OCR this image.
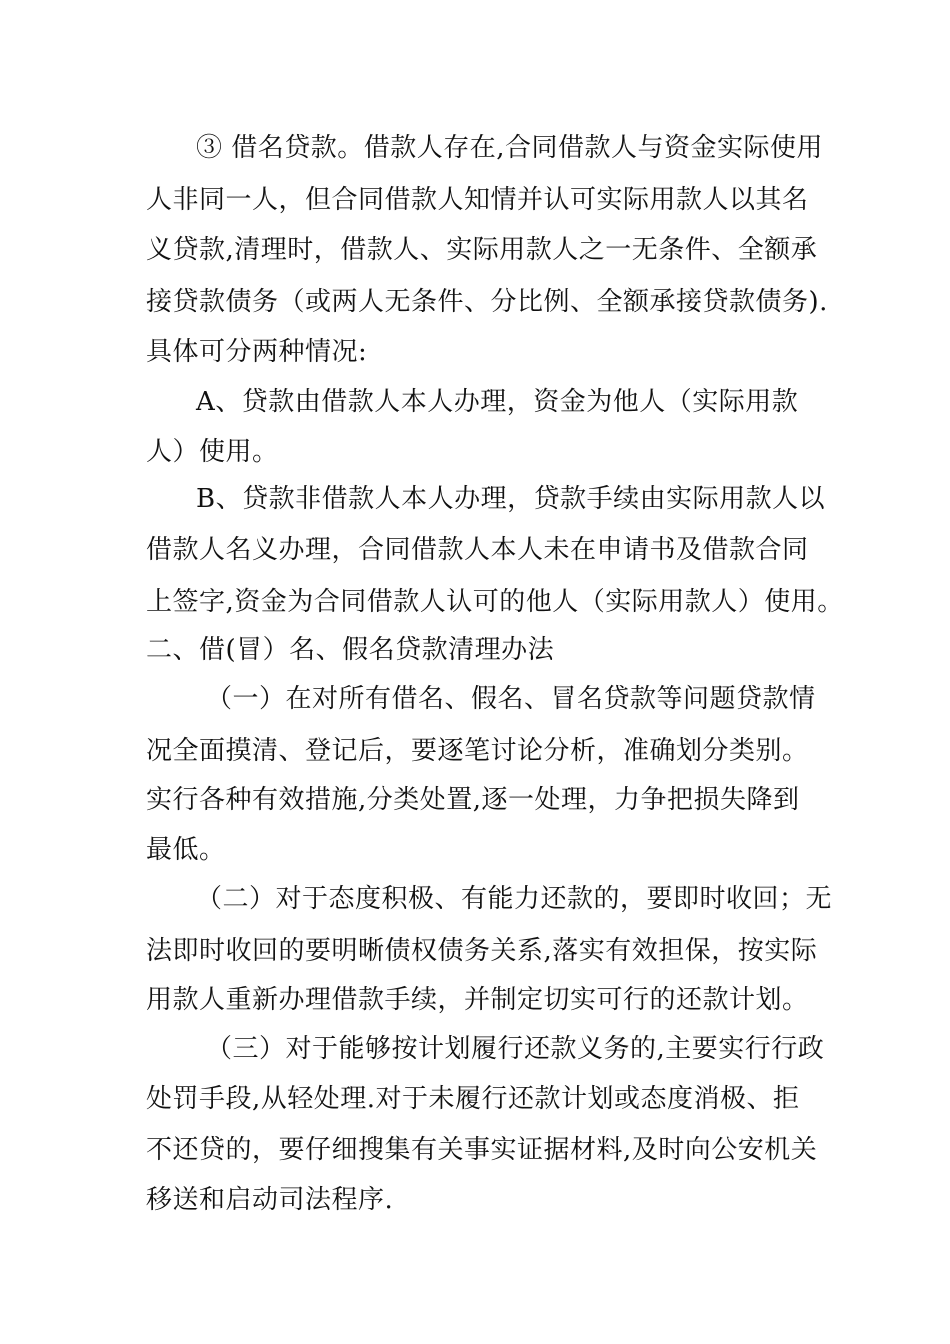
③ 借名贷款。借款人存在,合同借款人与资金实际使用
人非同一人，但合同借款人知情并认可实际用款人以其名
义贷款,清理时，借款人、实际用款人之一无条件、全额承
接贷款债务（或两人无条件、分比例、全额承接贷款债务).
具体可分两种情况:
A、贷款由借款人本人办理，资金为他人（实际用款
人）使用。
B、贷款非借款人本人办理，贷款手续由实际用款人以
借款人名义办理，合同借款人本人未在申请书及借款合同
上签字,资金为合同借款人认可的他人（实际用款人）使用。
二、借(冒）名、假名贷款清理办法
（一）在对所有借名、假名、冒名贷款等问题贷款情
况全面摸清、登记后，要逐笔讨论分析，准确划分类别。
实行各种有效措施,分类处置,逐一处理，力争把损失降到
最低。
（二）对于态度积极、有能力还款的，要即时收回；无
法即时收回的要明晰债权债务关系,落实有效担保，按实际
用款人重新办理借款手续，并制定切实可行的还款计划。
（三）对于能够按计划履行还款义务的,主要实行行政
处罚手段,从轻处理.对于未履行还款计划或态度消极、拒
不还贷的，要仔细搜集有关事实证据材料,及时向公安机关
移送和启动司法程序.
